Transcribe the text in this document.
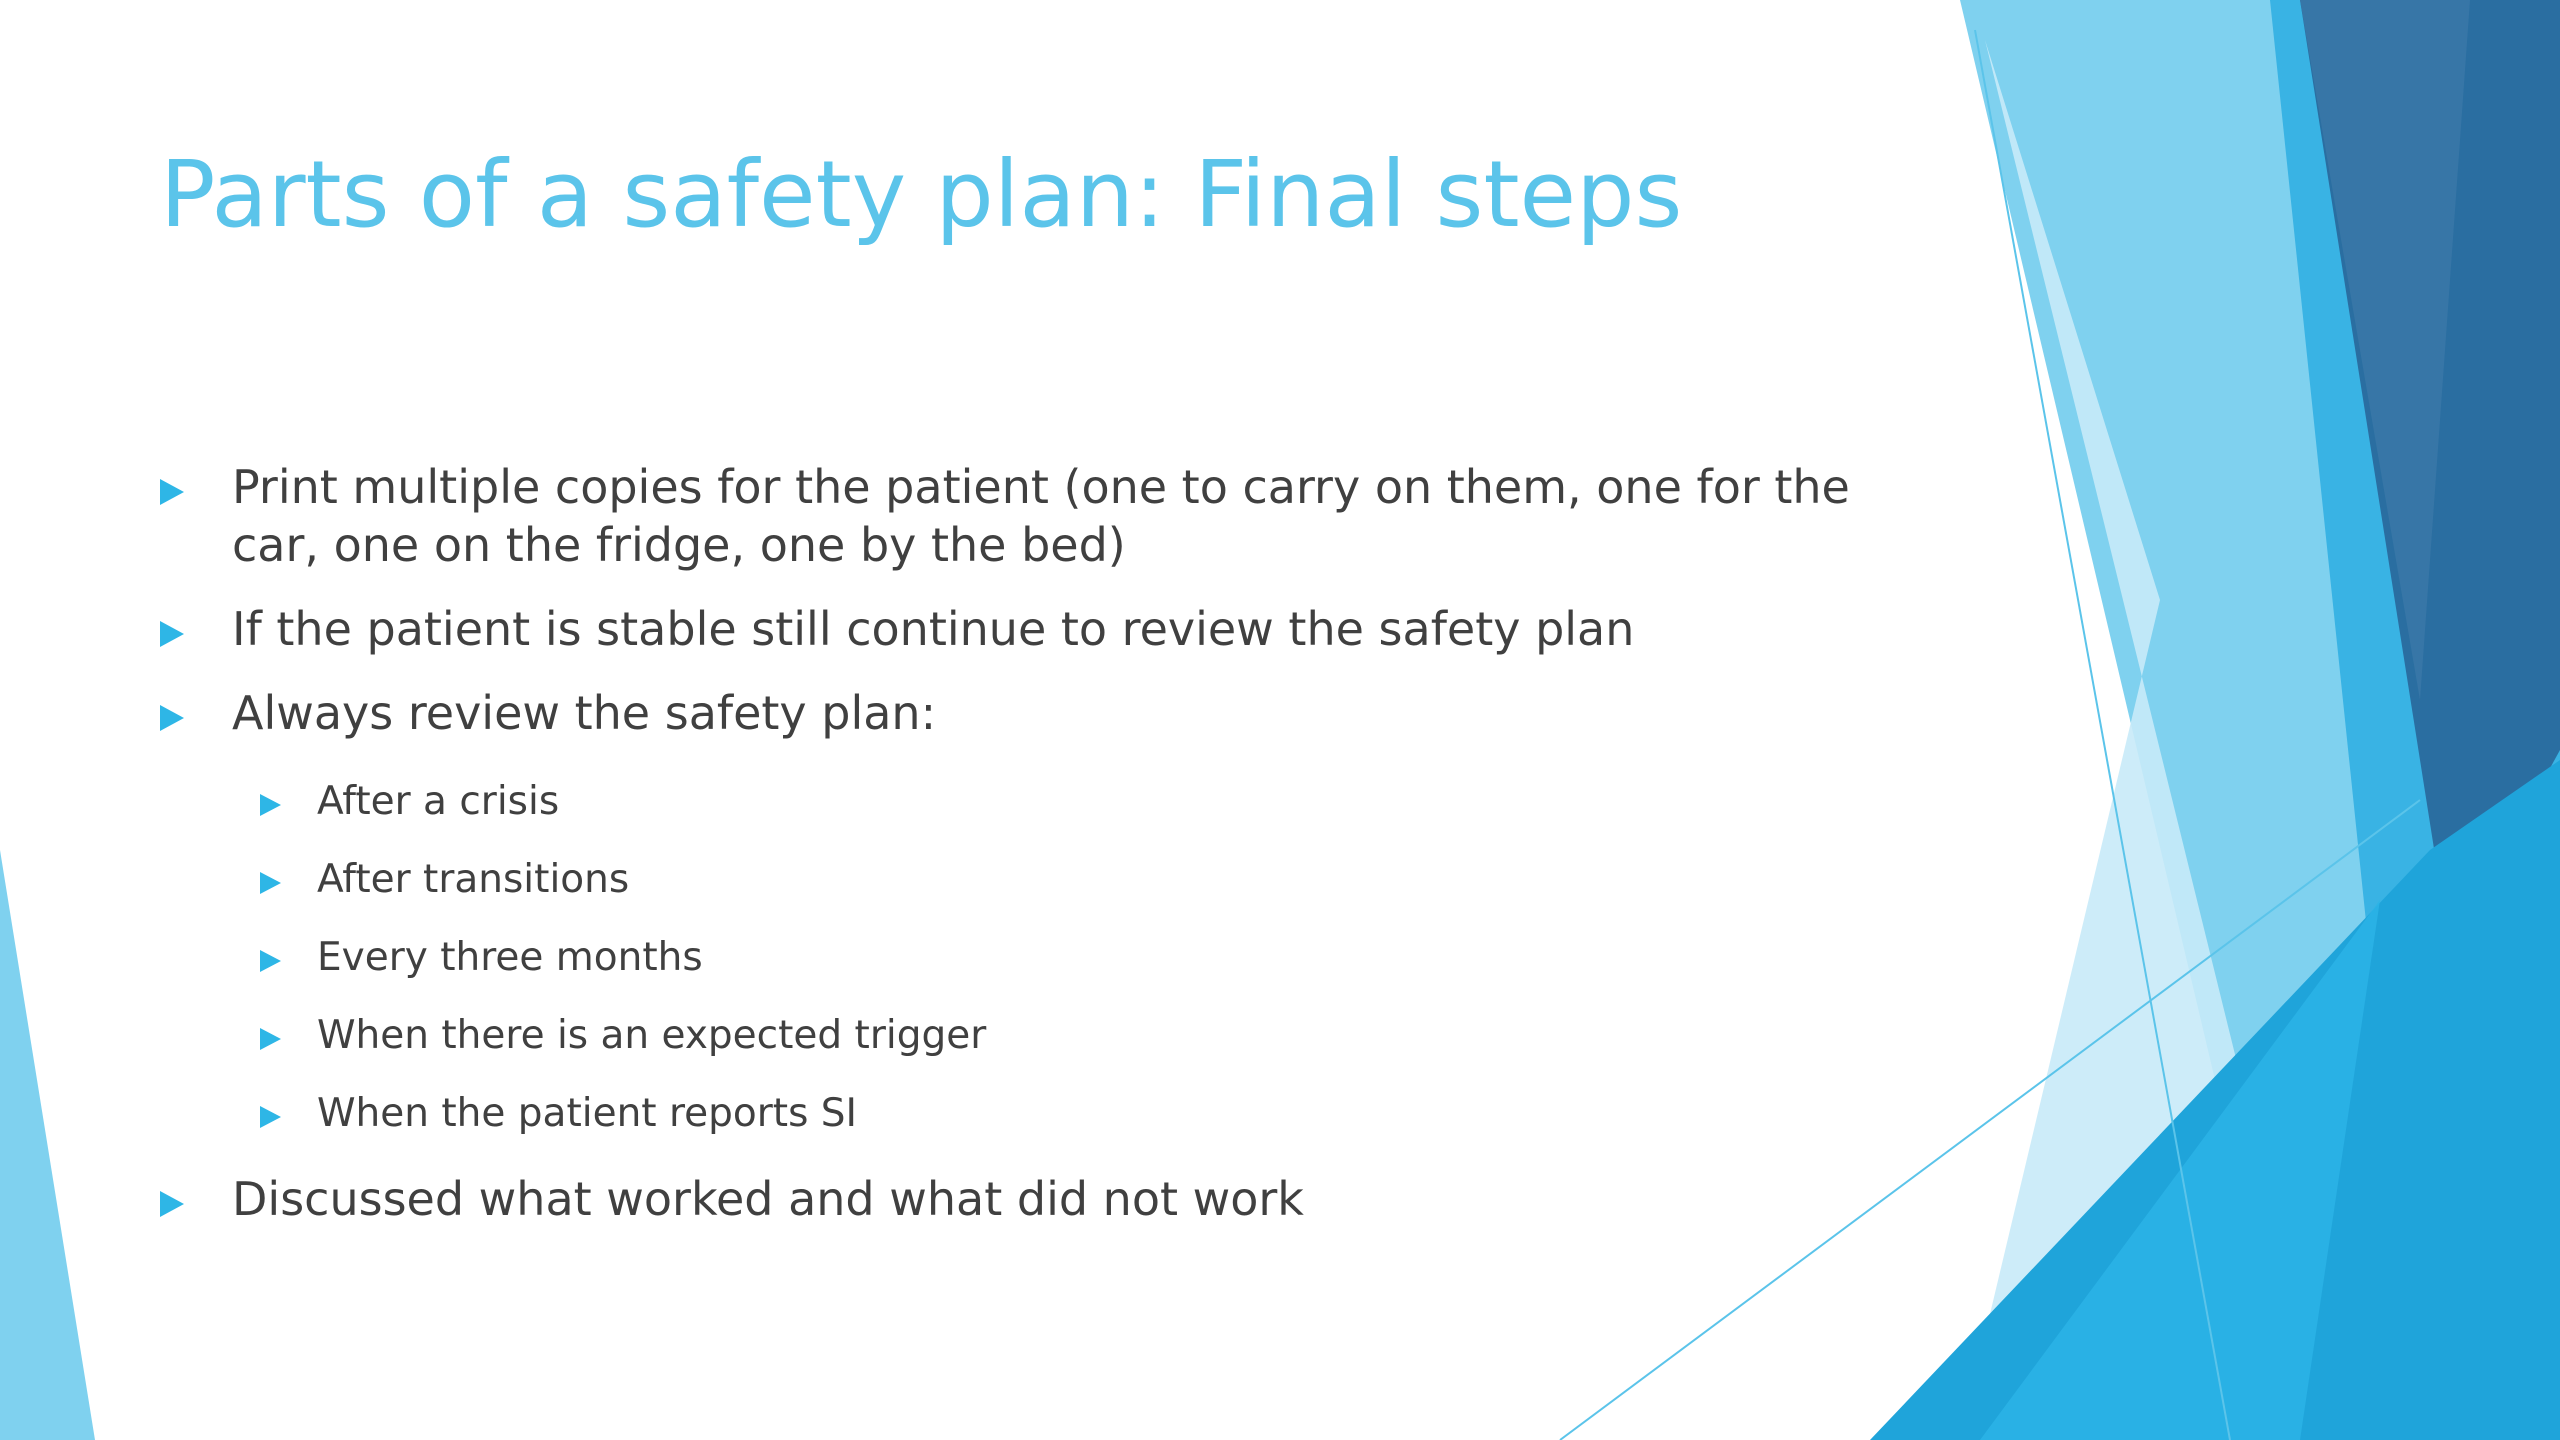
Parts of a safety plan: Final steps
Print multiple copies for the patient (one to carry on them, one for the car, one on the fridge, one by the bed)
If the patient is stable still continue to review the safety plan
Always review the safety plan:
After a crisis
After transitions
Every three months
When there is an expected trigger
When the patient reports SI
Discussed what worked and what did not work
